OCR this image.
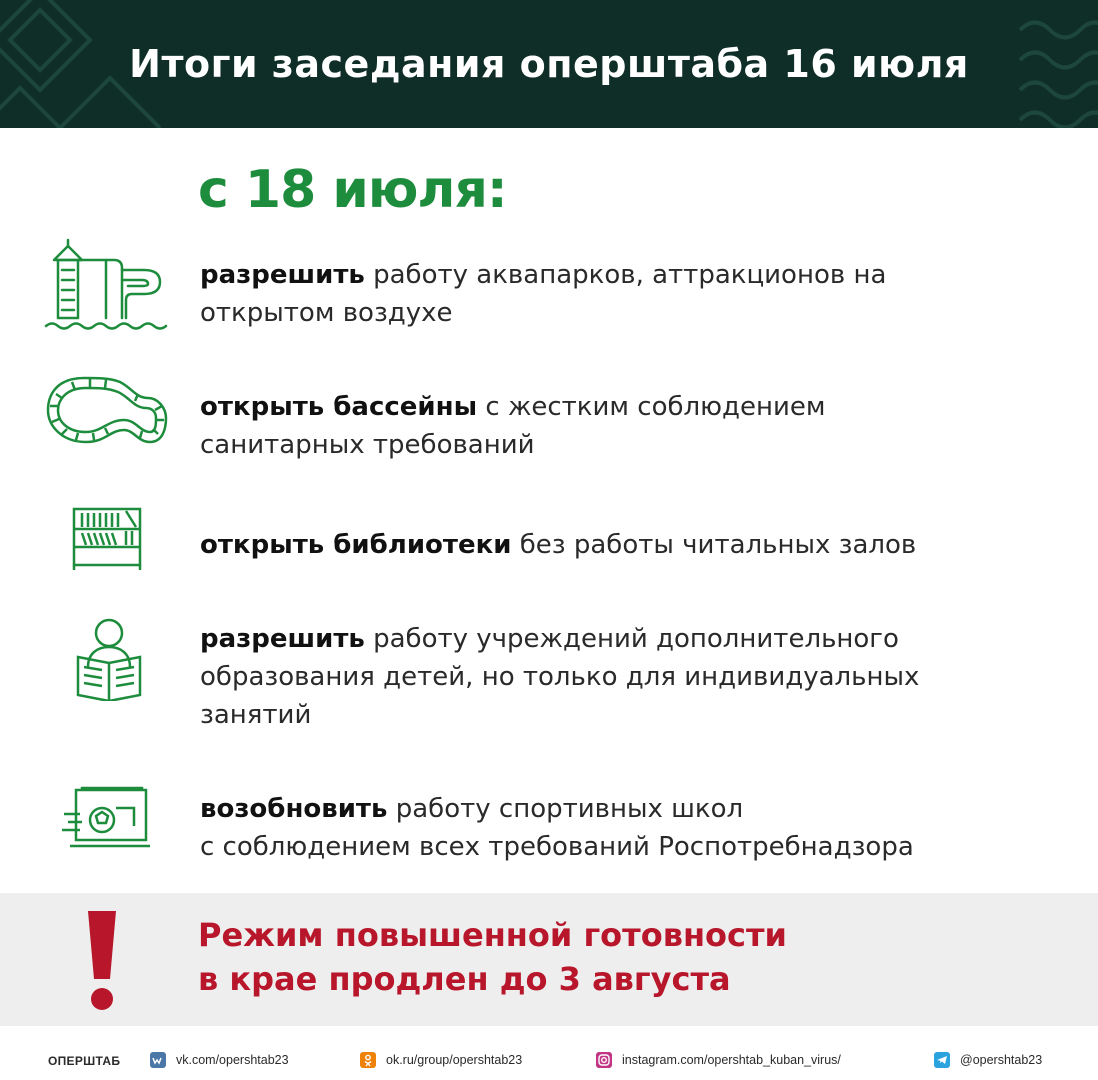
Итоги заседания оперштаба 16 июля
с 18 июля:
разрешить работу аквапарков, аттракционов на
открытом воздухе
открыть бассейны с жестким соблюдением
санитарных требований
открыть библиотеки без работы читальных залов
разрешить работу учреждений дополнительного
образования детей, но только для индивидуальных
занятий
возобновить работу спортивных школ
с соблюдением всех требований Роспотребнадзора
Режим повышенной готовности
в крае продлен до 3 августа
ОПЕРШТАБ	vk.com/opershtab23	ok.ru/group/opershtab23	instagram.com/opershtab_kuban_virus/	@opershtab23
